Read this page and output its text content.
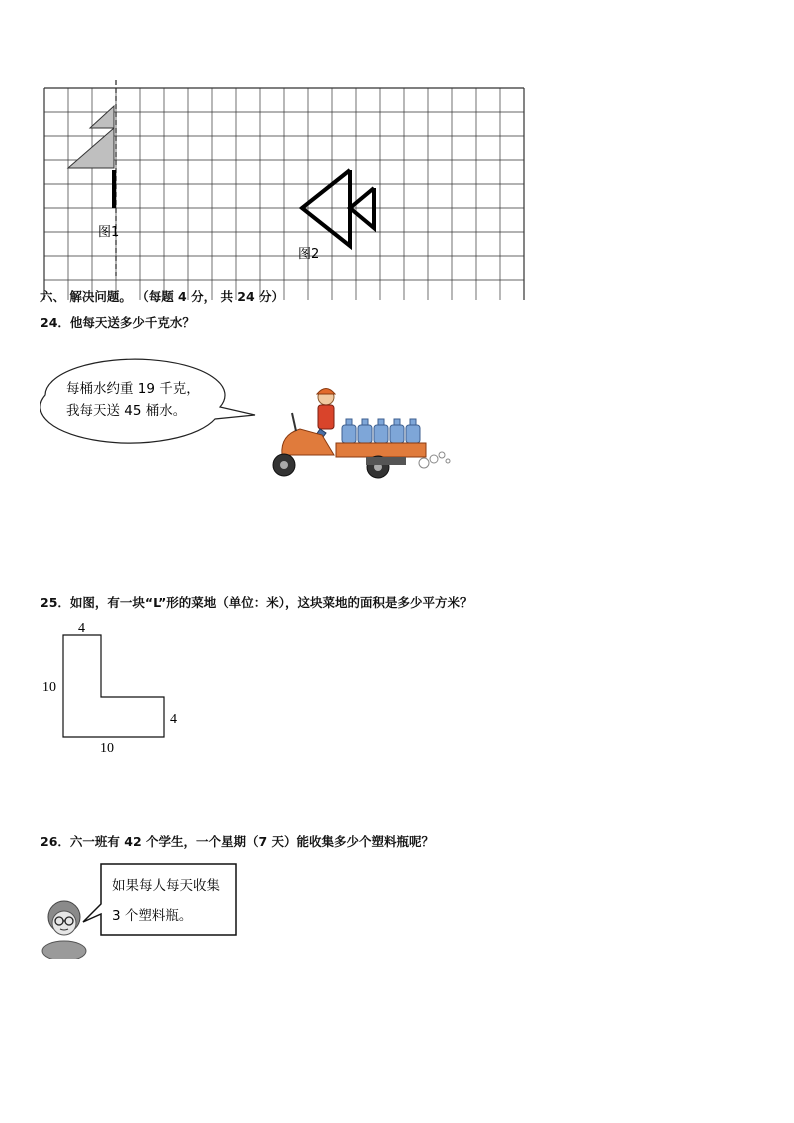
图1
图2
六、 解决问题。 （每题 4 分， 共 24 分）
24．他每天送多少千克水？
每桶水约重 19 千克，
我每天送 45 桶水。
25．如图，有一块“L”形的菜地（单位：米），这块菜地的面积是多少平方米？
4
10
4
10
26．六一班有 42 个学生，一个星期（7 天）能收集多少个塑料瓶呢？
如果每人每天收集
3 个塑料瓶。
